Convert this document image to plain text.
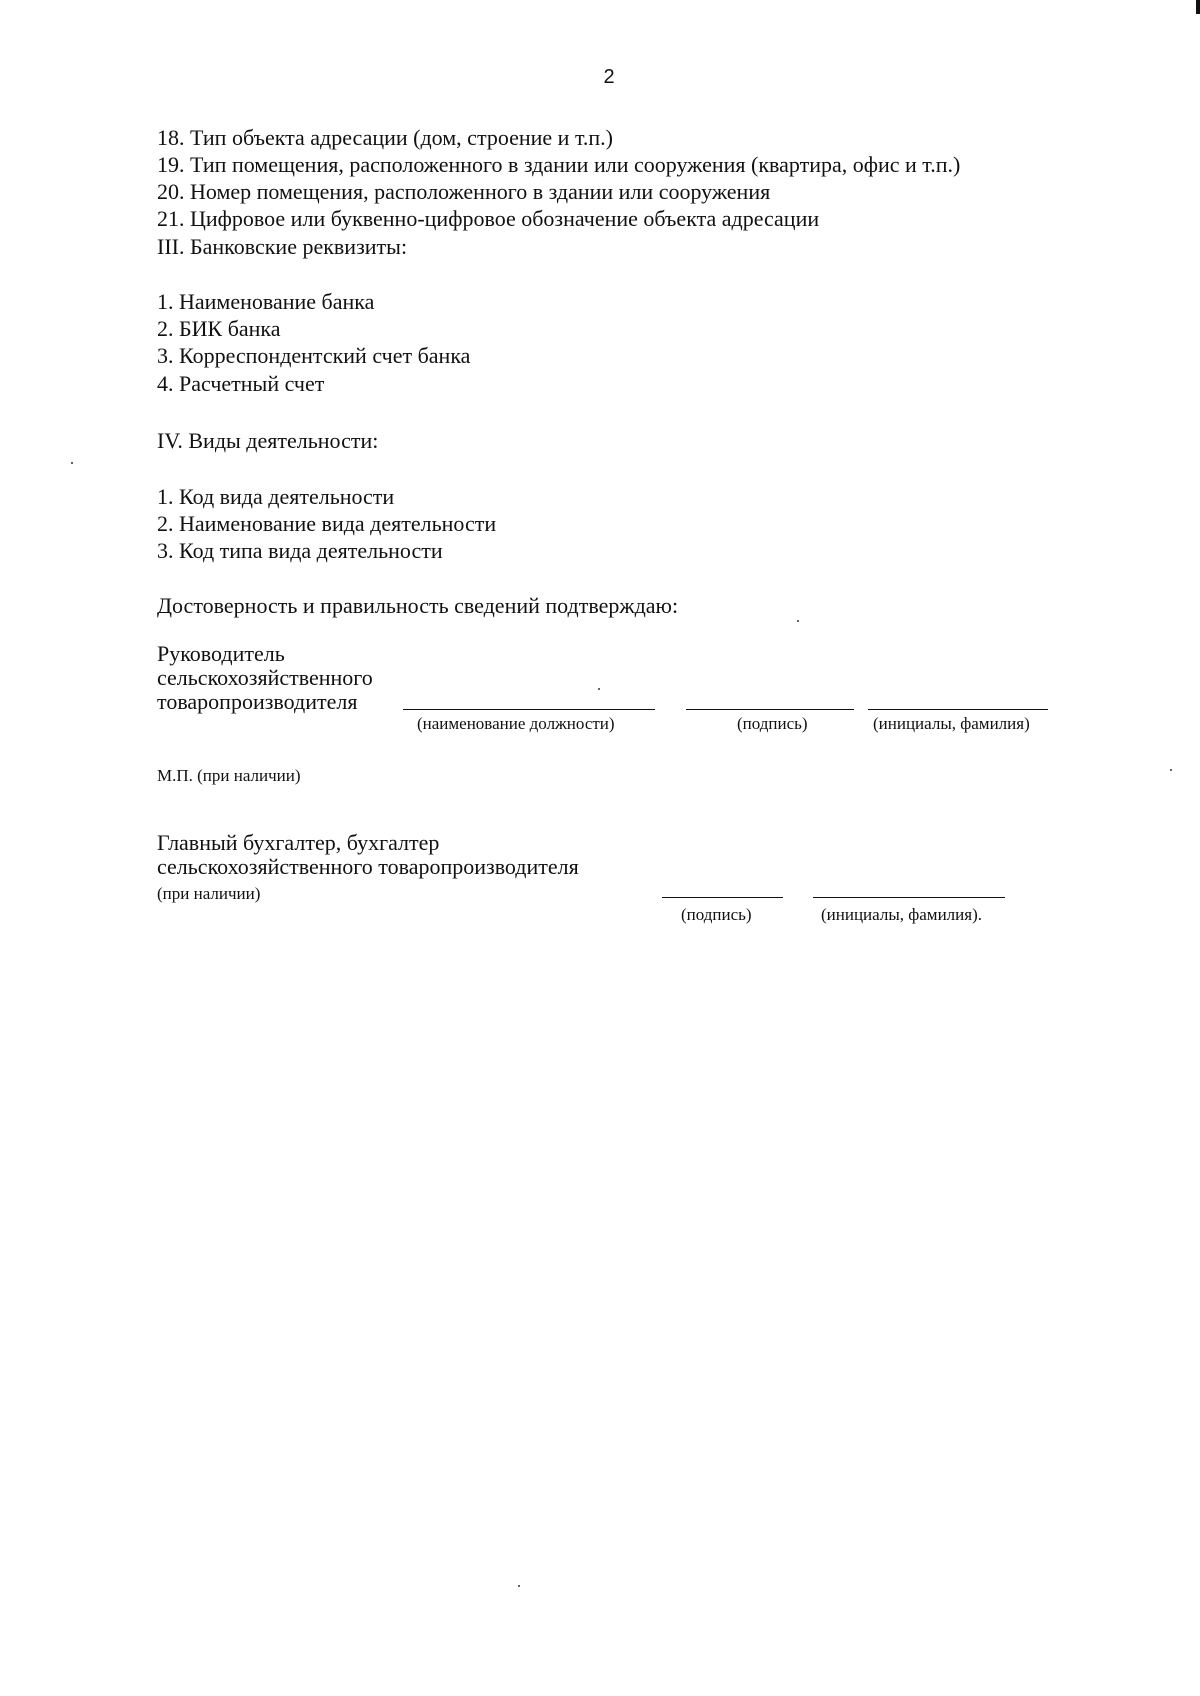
2
18. Тип объекта адресации (дом, строение и т.п.)
19. Тип помещения, расположенного в здании или сооружения (квартира, офис и т.п.)
20. Номер помещения, расположенного в здании или сооружения
21. Цифровое или буквенно-цифровое обозначение объекта адресации
III. Банковские реквизиты:
1. Наименование банка
2. БИК банка
3. Корреспондентский счет банка
4. Расчетный счет
IV. Виды деятельности:
1. Код вида деятельности
2. Наименование вида деятельности
3. Код типа вида деятельности
Достоверность и правильность сведений подтверждаю:
Руководитель
сельскохозяйственного
товаропроизводителя
(наименование должности)	(подпись)	(инициалы, фамилия)
М.П. (при наличии)
Главный бухгалтер, бухгалтер
сельскохозяйственного товаропроизводителя
(при наличии)
(подпись)	(инициалы, фамилия).
